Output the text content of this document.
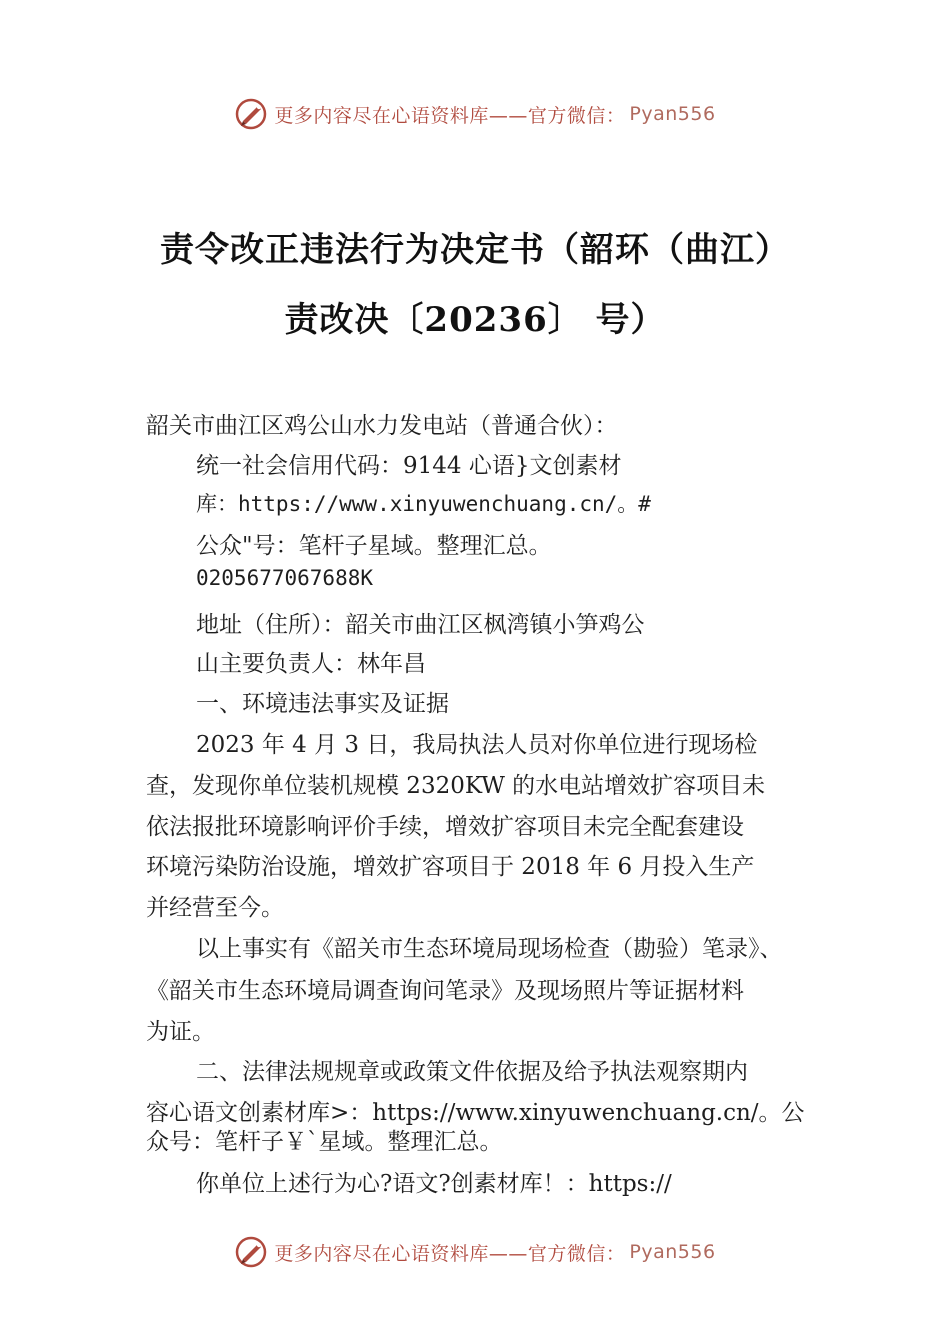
更多内容尽在心语资料库——官方微信： Pyan556
责令改正违法行为决定书（韶环（曲江）
责改决〔20236〕 号）
韶关市曲江区鸡公山水力发电站（普通合伙）：
统一社会信用代码：9144 心语}文创素材
库：https://www.xinyuwenchuang.cn/。#
公众"号：笔杆子星域。整理汇总。
0205677067688K
地址（住所）：韶关市曲江区枫湾镇小笋鸡公
山主要负责人：林年昌
一、环境违法事实及证据
2023 年 4 月 3 日，我局执法人员对你单位进行现场检
查，发现你单位装机规模 2320KW 的水电站增效扩容项目未
依法报批环境影响评价手续，增效扩容项目未完全配套建设
环境污染防治设施，增效扩容项目于 2018 年 6 月投入生产
并经营至今。
以上事实有《韶关市生态环境局现场检查（勘验）笔录》、
《韶关市生态环境局调查询问笔录》及现场照片等证据材料
为证。
二、法律法规规章或政策文件依据及给予执法观察期内
容心语文创素材库>：https://www.xinyuwenchuang.cn/。公
众号：笔杆子￥`星域。整理汇总。
你单位上述行为心?语文?创素材库！：https://
更多内容尽在心语资料库——官方微信： Pyan556
